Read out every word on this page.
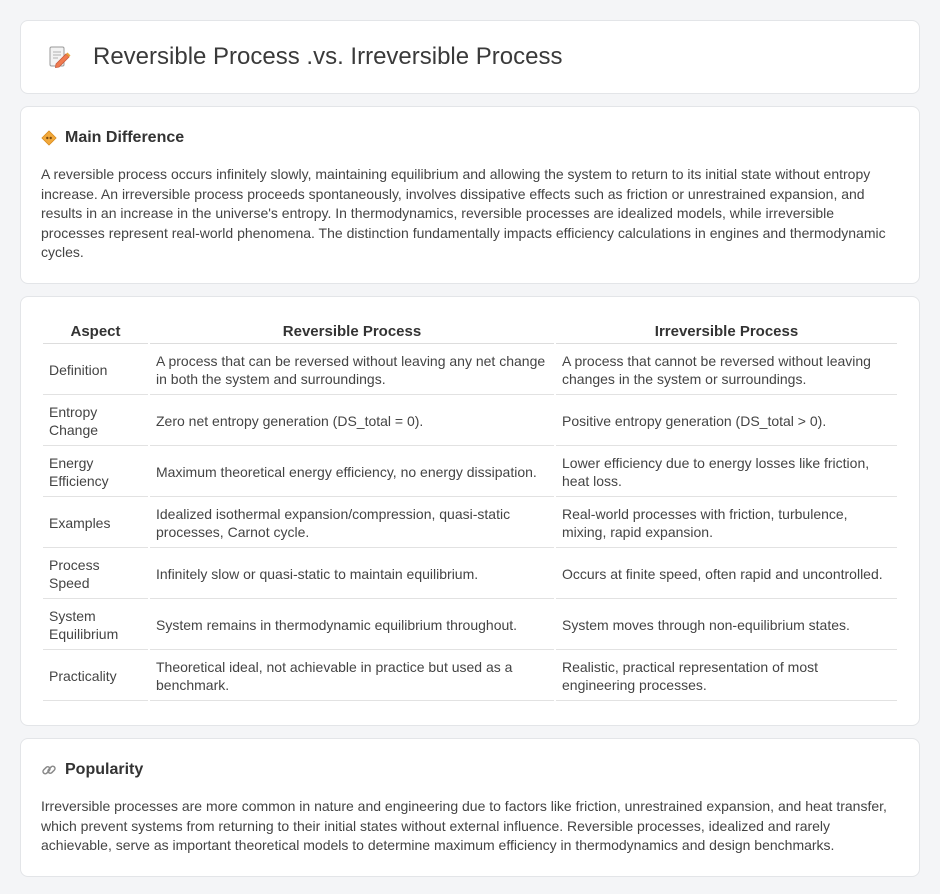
Reversible Process .vs. Irreversible Process
Main Difference

A reversible process occurs infinitely slowly, maintaining equilibrium and allowing the system to return to its initial state without entropy increase. An irreversible process proceeds spontaneously, involves dissipative effects such as friction or unrestrained expansion, and results in an increase in the universe's entropy. In thermodynamics, reversible processes are idealized models, while irreversible processes represent real-world phenomena. The distinction fundamentally impacts efficiency calculations in engines and thermodynamic cycles.

Aspect	Reversible Process	Irreversible Process
Definition	A process that can be reversed without leaving any net change in both the system and surroundings.	A process that cannot be reversed without leaving changes in the system or surroundings.
Entropy Change	Zero net entropy generation (DS_total = 0).	Positive entropy generation (DS_total > 0).
Energy Efficiency	Maximum theoretical energy efficiency, no energy dissipation.	Lower efficiency due to energy losses like friction, heat loss.
Examples	Idealized isothermal expansion/compression, quasi-static processes, Carnot cycle.	Real-world processes with friction, turbulence, mixing, rapid expansion.
Process Speed	Infinitely slow or quasi-static to maintain equilibrium.	Occurs at finite speed, often rapid and uncontrolled.
System Equilibrium	System remains in thermodynamic equilibrium throughout.	System moves through non-equilibrium states.
Practicality	Theoretical ideal, not achievable in practice but used as a benchmark.	Realistic, practical representation of most engineering processes.
Popularity

Irreversible processes are more common in nature and engineering due to factors like friction, unrestrained expansion, and heat transfer, which prevent systems from returning to their initial states without external influence. Reversible processes, idealized and rarely achievable, serve as important theoretical models to determine maximum efficiency in thermodynamics and design benchmarks.
